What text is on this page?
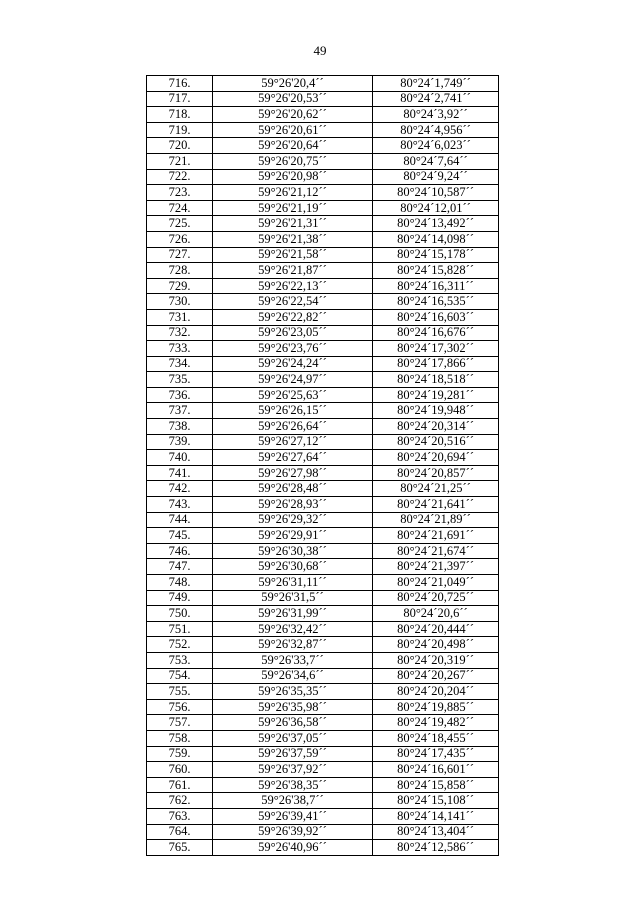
49
716.	59°26'20,4´´	80°24´1,749´´
717.	59°26'20,53´´	80°24´2,741´´
718.	59°26'20,62´´	80°24´3,92´´
719.	59°26'20,61´´	80°24´4,956´´
720.	59°26'20,64´´	80°24´6,023´´
721.	59°26'20,75´´	80°24´7,64´´
722.	59°26'20,98´´	80°24´9,24´´
723.	59°26'21,12´´	80°24´10,587´´
724.	59°26'21,19´´	80°24´12,01´´
725.	59°26'21,31´´	80°24´13,492´´
726.	59°26'21,38´´	80°24´14,098´´
727.	59°26'21,58´´	80°24´15,178´´
728.	59°26'21,87´´	80°24´15,828´´
729.	59°26'22,13´´	80°24´16,311´´
730.	59°26'22,54´´	80°24´16,535´´
731.	59°26'22,82´´	80°24´16,603´´
732.	59°26'23,05´´	80°24´16,676´´
733.	59°26'23,76´´	80°24´17,302´´
734.	59°26'24,24´´	80°24´17,866´´
735.	59°26'24,97´´	80°24´18,518´´
736.	59°26'25,63´´	80°24´19,281´´
737.	59°26'26,15´´	80°24´19,948´´
738.	59°26'26,64´´	80°24´20,314´´
739.	59°26'27,12´´	80°24´20,516´´
740.	59°26'27,64´´	80°24´20,694´´
741.	59°26'27,98´´	80°24´20,857´´
742.	59°26'28,48´´	80°24´21,25´´
743.	59°26'28,93´´	80°24´21,641´´
744.	59°26'29,32´´	80°24´21,89´´
745.	59°26'29,91´´	80°24´21,691´´
746.	59°26'30,38´´	80°24´21,674´´
747.	59°26'30,68´´	80°24´21,397´´
748.	59°26'31,11´´	80°24´21,049´´
749.	59°26'31,5´´	80°24´20,725´´
750.	59°26'31,99´´	80°24´20,6´´
751.	59°26'32,42´´	80°24´20,444´´
752.	59°26'32,87´´	80°24´20,498´´
753.	59°26'33,7´´	80°24´20,319´´
754.	59°26'34,6´´	80°24´20,267´´
755.	59°26'35,35´´	80°24´20,204´´
756.	59°26'35,98´´	80°24´19,885´´
757.	59°26'36,58´´	80°24´19,482´´
758.	59°26'37,05´´	80°24´18,455´´
759.	59°26'37,59´´	80°24´17,435´´
760.	59°26'37,92´´	80°24´16,601´´
761.	59°26'38,35´´	80°24´15,858´´
762.	59°26'38,7´´	80°24´15,108´´
763.	59°26'39,41´´	80°24´14,141´´
764.	59°26'39,92´´	80°24´13,404´´
765.	59°26'40,96´´	80°24´12,586´´
